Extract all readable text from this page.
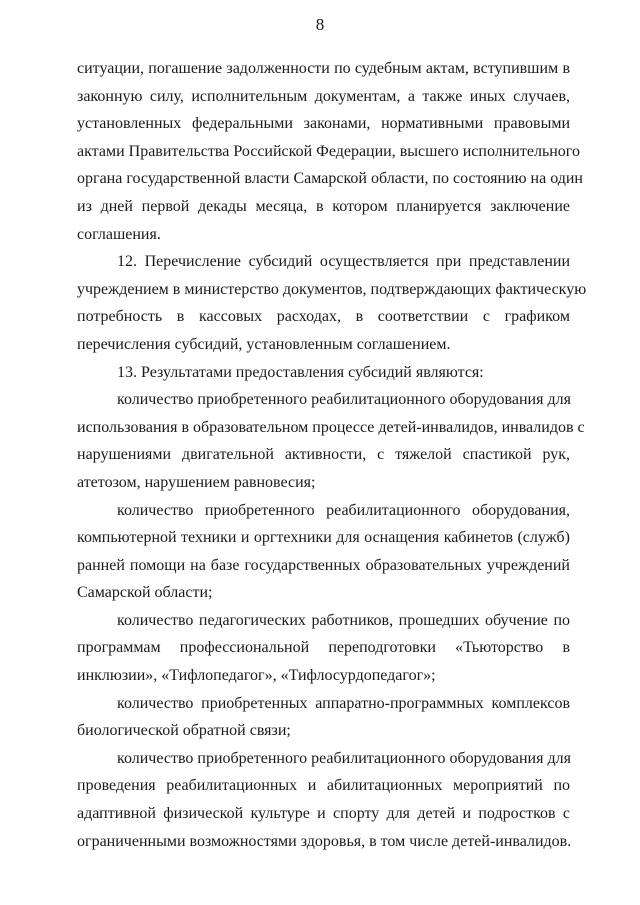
8
ситуации, погашение задолженности по судебным актам, вступившим в
законную силу, исполнительным документам, а также иных случаев,
установленных федеральными законами, нормативными правовыми
актами Правительства Российской Федерации, высшего исполнительного
органа государственной власти Самарской области, по состоянию на один
из дней первой декады месяца, в котором планируется заключение
соглашения.
12. Перечисление субсидий осуществляется при представлении
учреждением в министерство документов, подтверждающих фактическую
потребность в кассовых расходах, в соответствии с графиком
перечисления субсидий, установленным соглашением.
13. Результатами предоставления субсидий являются:
количество приобретенного реабилитационного оборудования для
использования в образовательном процессе детей-инвалидов, инвалидов с
нарушениями двигательной активности, с тяжелой спастикой рук,
атетозом, нарушением равновесия;
количество приобретенного реабилитационного оборудования,
компьютерной техники и оргтехники для оснащения кабинетов (служб)
ранней помощи на базе государственных образовательных учреждений
Самарской области;
количество педагогических работников, прошедших обучение по
программам профессиональной переподготовки «Тьюторство в
инклюзии», «Тифлопедагог», «Тифлосурдопедагог»;
количество приобретенных аппаратно-программных комплексов
биологической обратной связи;
количество приобретенного реабилитационного оборудования для
проведения реабилитационных и абилитационных мероприятий по
адаптивной физической культуре и спорту для детей и подростков с
ограниченными возможностями здоровья, в том числе детей-инвалидов.
